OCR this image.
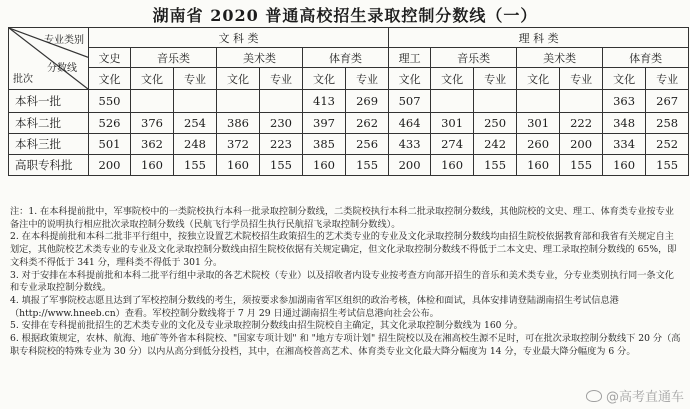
湖南省 2020 普通高校招生录取控制分数线（一）
专业类别
分数线
批次	文 科 类							理 科 类						
	文史	音乐类		美术类		体育类		理工	音乐类		美术类		体育类	
	文化	文化	专业	文化	专业	文化	专业	文化	文化	专业	文化	专业	文化	专业
本科一批	550					413	269	507					363	267
本科二批	526	376	254	386	230	397	262	464	301	250	301	222	348	258
本科三批	501	362	248	372	223	385	256	433	274	242	260	200	334	252
高职专科批	200	160	155	160	155	160	155	200	160	155	160	155	160	155

注：1. 在本科提前批中，军事院校中的一类院校执行本科一批录取控制分数线，二类院校执行本科二批录取控制分数线，其他院校的文史、理工、体育类专业按专业备注中的说明执行相应批次录取控制分数线（民航飞行学员招生执行民航招飞录取控制分数线）。

2. 在本科提前批和本科二批非平行组中，按独立设置艺术院校招生政策招生的艺术类专业的专业及文化录取控制分数线均由招生院校依据教育部和我省有关规定自主划定，其他院校艺术类专业的专业及文化录取控制分数线由招生院校依据有关规定确定，但文化录取控制分数线不得低于二本文史、理工录取控制分数线的 65%，即文科类不得低于 341 分，理科类不得低于 301 分。

3. 对于安排在本科提前批和本科二批平行组中录取的各艺术院校（专业）以及招收者内设专业按考查方向部开招生的音乐和美术类专业，分专业类别执行同一条文化和专业录取控制分数线。

4. 填报了军事院校志愿且达到了军校控制分数线的考生，须按要求参加湖南省军区组织的政治考核，体检和面试，具体安排请登陆湖南招生考试信息港（http://www.hneeb.cn）查看。军校控制分数线将于 7 月 29 日通过湖南招生考试信息港向社会公布。

5. 安排在专科提前批招生的艺术类专业的文化及专业录取控制分数线由招生院校自主确定，其文化录取控制分数线为 160 分。

6. 根据政策规定，农林、航海、地矿等外省本科院校、"国家专项计划" 和 "地方专项计划" 招生院校以及在湘高校生源不足时，可在批次录取控制分数线下 20 分（高职专科院校的特殊专业为 30 分）以内从高分到低分投档，其中，在湘高校普高艺术、体育类专业文化最大降分幅度为 14 分，专业最大降分幅度为 6 分。

@高考直通车
